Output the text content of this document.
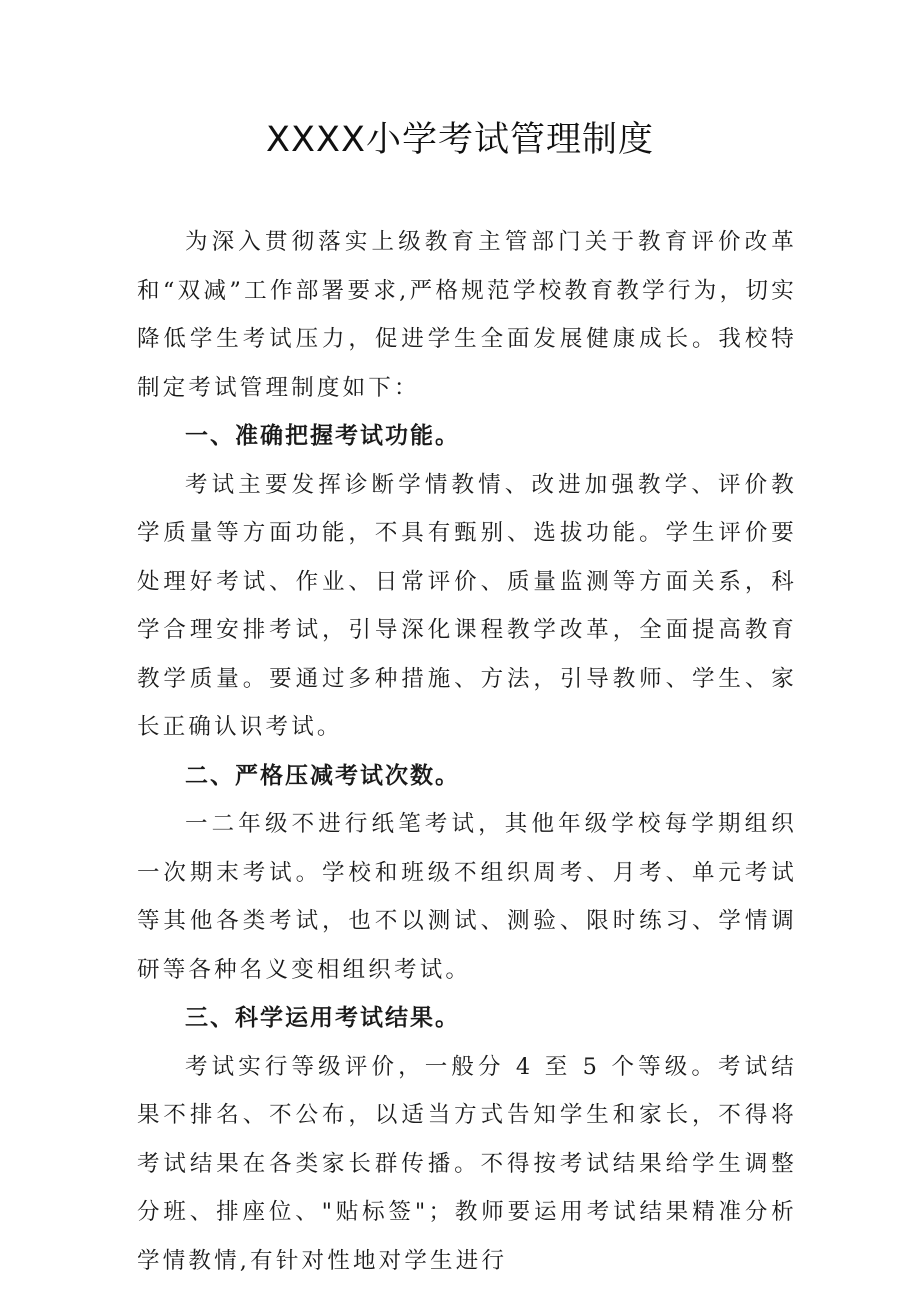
XXXX小学考试管理制度

为深入贯彻落实上级教育主管部门关于教育评价改革和“双减”工作部署要求,严格规范学校教育教学行为，切实降低学生考试压力，促进学生全面发展健康成长。我校特制定考试管理制度如下：

一、准确把握考试功能。

考试主要发挥诊断学情教情、改进加强教学、评价教学质量等方面功能，不具有甄别、选拔功能。学生评价要处理好考试、作业、日常评价、质量监测等方面关系，科学合理安排考试，引导深化课程教学改革，全面提高教育教学质量。要通过多种措施、方法，引导教师、学生、家长正确认识考试。

二、严格压减考试次数。

一二年级不进行纸笔考试，其他年级学校每学期组织一次期末考试。学校和班级不组织周考、月考、单元考试等其他各类考试，也不以测试、测验、限时练习、学情调研等各种名义变相组织考试。

三、科学运用考试结果。

考试实行等级评价，一般分 4 至 5 个等级。考试结果不排名、不公布，以适当方式告知学生和家长，不得将考试结果在各类家长群传播。不得按考试结果给学生调整分班、排座位、"贴标签"；教师要运用考试结果精准分析学情教情,有针对性地对学生进行
